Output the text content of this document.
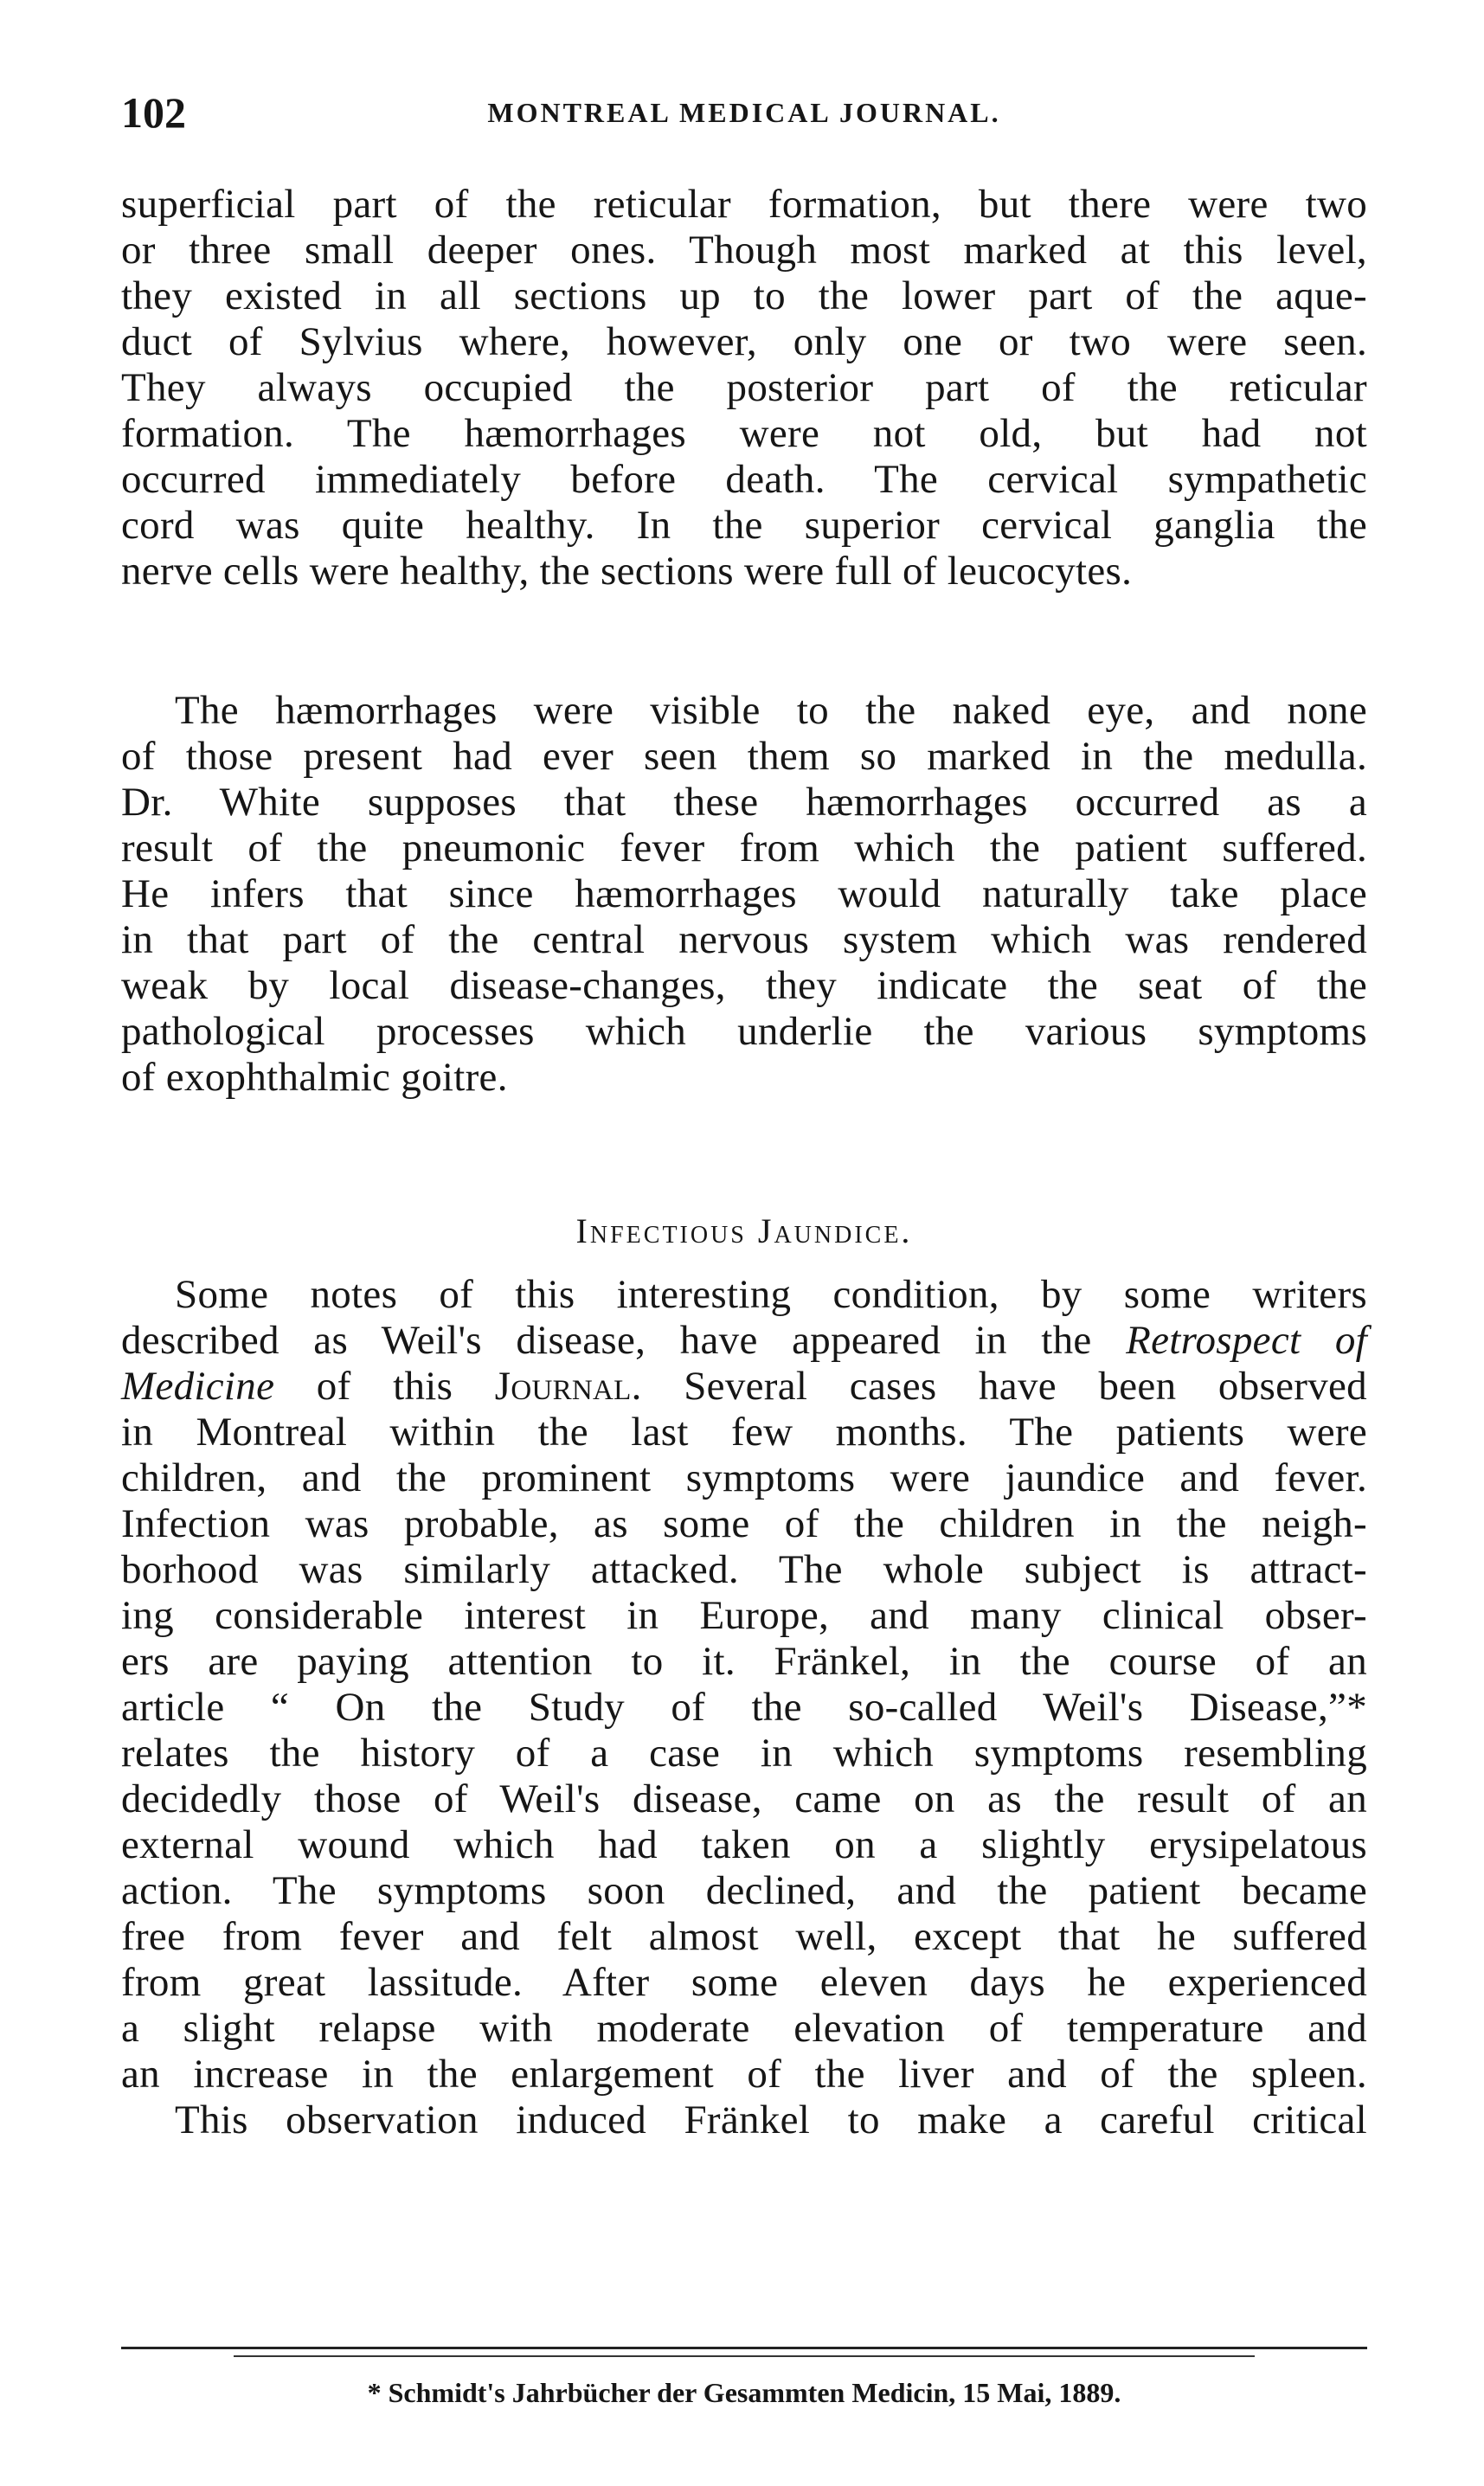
102	MONTREAL MEDICAL JOURNAL.
superficial part of the reticular formation, but there were two
or three small deeper ones. Though most marked at this level,
they existed in all sections up to the lower part of the aque-
duct of Sylvius where, however, only one or two were seen.
They always occupied the posterior part of the reticular
formation. The hæmorrhages were not old, but had not
occurred immediately before death. The cervical sympathetic
cord was quite healthy. In the superior cervical ganglia the
nerve cells were healthy, the sections were full of leucocytes.
The hæmorrhages were visible to the naked eye, and none
of those present had ever seen them so marked in the medulla.
Dr. White supposes that these hæmorrhages occurred as a
result of the pneumonic fever from which the patient suffered.
He infers that since hæmorrhages would naturally take place
in that part of the central nervous system which was rendered
weak by local disease-changes, they indicate the seat of the
pathological processes which underlie the various symptoms
of exophthalmic goitre.
Infectious Jaundice.
Some notes of this interesting condition, by some writers
described as Weil's disease, have appeared in the Retrospect of
Medicine of this Journal. Several cases have been observed
in Montreal within the last few months. The patients were
children, and the prominent symptoms were jaundice and fever.
Infection was probable, as some of the children in the neigh-
borhood was similarly attacked. The whole subject is attract-
ing considerable interest in Europe, and many clinical obser-
ers are paying attention to it. Fränkel, in the course of an
article “ On the Study of the so-called Weil's Disease,”*
relates the history of a case in which symptoms resembling
decidedly those of Weil's disease, came on as the result of an
external wound which had taken on a slightly erysipelatous
action. The symptoms soon declined, and the patient became
free from fever and felt almost well, except that he suffered
from great lassitude. After some eleven days he experienced
a slight relapse with moderate elevation of temperature and
an increase in the enlargement of the liver and of the spleen.
This observation induced Fränkel to make a careful critical
* Schmidt's Jahrbücher der Gesammten Medicin, 15 Mai, 1889.
